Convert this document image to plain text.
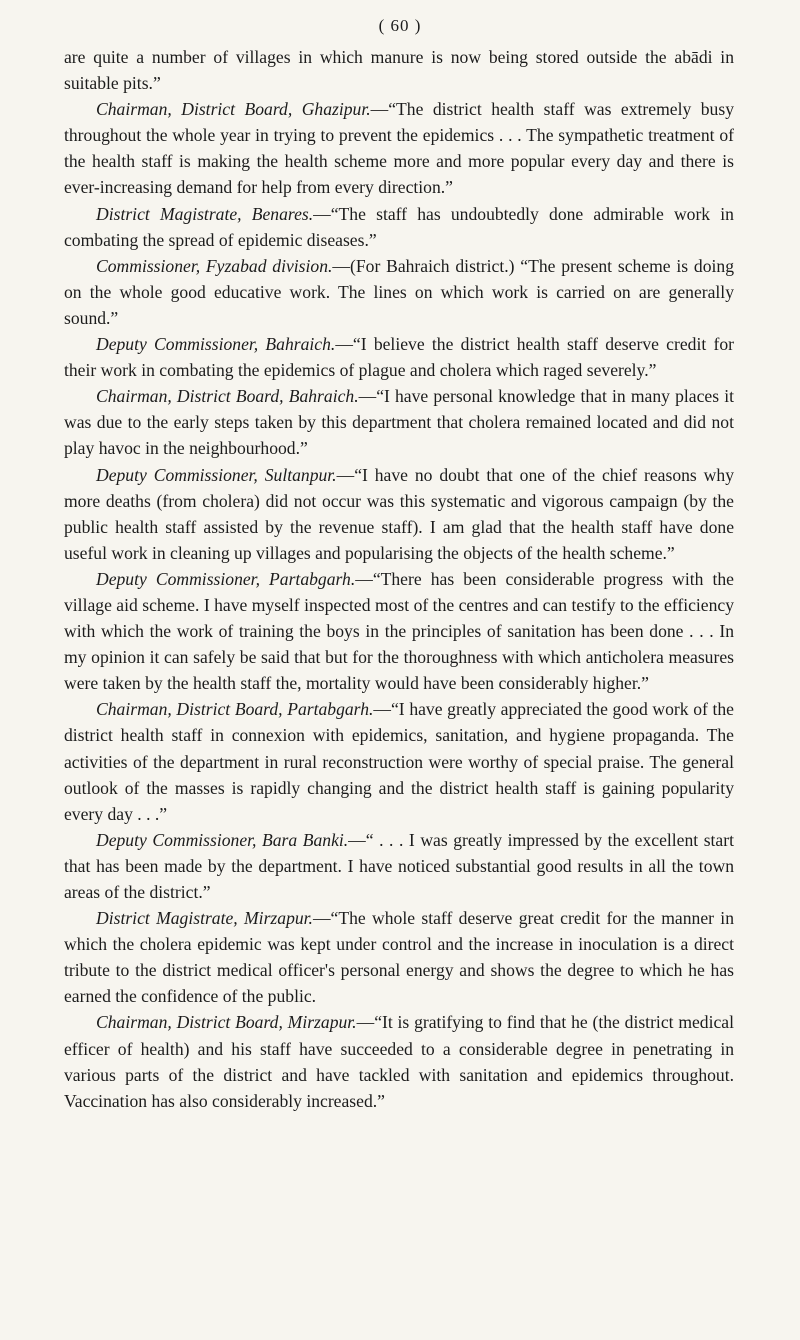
( 60 )

are quite a number of villages in which manure is now being stored outside the abādi in suitable pits.”

Chairman, District Board, Ghazipur.—“The district health staff was extremely busy throughout the whole year in trying to prevent the epidemics . . . The sympathetic treatment of the health staff is making the health scheme more and more popular every day and there is ever-increasing demand for help from every direction.”

District Magistrate, Benares.—“The staff has undoubtedly done admirable work in combating the spread of epidemic diseases.”

Commissioner, Fyzabad division.—(For Bahraich district.) “The present scheme is doing on the whole good educative work. The lines on which work is carried on are generally sound.”

Deputy Commissioner, Bahraich.—“I believe the district health staff deserve credit for their work in combating the epidemics of plague and cholera which raged severely.”

Chairman, District Board, Bahraich.—“I have personal knowledge that in many places it was due to the early steps taken by this department that cholera remained located and did not play havoc in the neighbourhood.”

Deputy Commissioner, Sultanpur.—“I have no doubt that one of the chief reasons why more deaths (from cholera) did not occur was this systematic and vigorous campaign (by the public health staff assisted by the revenue staff). I am glad that the health staff have done useful work in cleaning up villages and popularising the objects of the health scheme.”

Deputy Commissioner, Partabgarh.—“There has been considerable progress with the village aid scheme. I have myself inspected most of the centres and can testify to the efficiency with which the work of training the boys in the principles of sanitation has been done . . . In my opinion it can safely be said that but for the thoroughness with which anticholera measures were taken by the health staff the, mortality would have been considerably higher.”

Chairman, District Board, Partabgarh.—“I have greatly appreciated the good work of the district health staff in connexion with epidemics, sanitation, and hygiene propaganda. The activities of the department in rural reconstruction were worthy of special praise. The general outlook of the masses is rapidly changing and the district health staff is gaining popularity every day . . .”

Deputy Commissioner, Bara Banki.—“ . . . I was greatly impressed by the excellent start that has been made by the department. I have noticed substantial good results in all the town areas of the district.”

District Magistrate, Mirzapur.—“The whole staff deserve great credit for the manner in which the cholera epidemic was kept under control and the increase in inoculation is a direct tribute to the district medical officer's personal energy and shows the degree to which he has earned the confidence of the public.

Chairman, District Board, Mirzapur.—“It is gratifying to find that he (the district medical efficer of health) and his staff have succeeded to a considerable degree in penetrating in various parts of the district and have tackled with sanitation and epidemics throughout. Vaccination has also considerably increased.”
